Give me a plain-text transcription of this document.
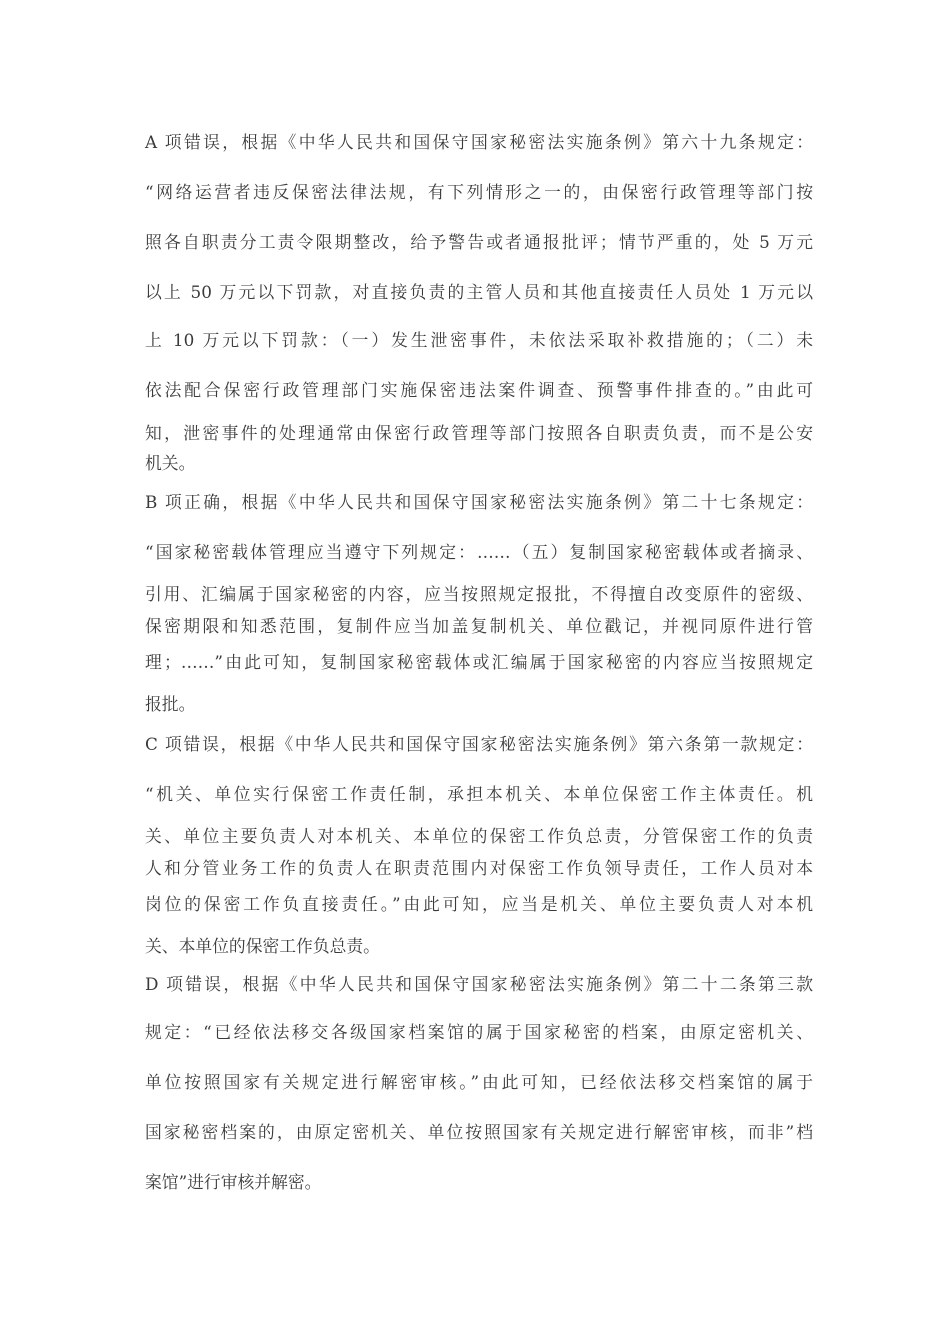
A 项错误，根据《中华人民共和国保守国家秘密法实施条例》第六十九条规定：
“网络运营者违反保密法律法规，有下列情形之一的，由保密行政管理等部门按
照各自职责分工责令限期整改，给予警告或者通报批评；情节严重的，处 5 万元
以上 50 万元以下罚款，对直接负责的主管人员和其他直接责任人员处 1 万元以
上 10 万元以下罚款：（一）发生泄密事件，未依法采取补救措施的；（二）未
依法配合保密行政管理部门实施保密违法案件调查、预警事件排查的。”由此可
知，泄密事件的处理通常由保密行政管理等部门按照各自职责负责，而不是公安
机关。
B 项正确，根据《中华人民共和国保守国家秘密法实施条例》第二十七条规定：
“国家秘密载体管理应当遵守下列规定：……（五）复制国家秘密载体或者摘录、
引用、汇编属于国家秘密的内容，应当按照规定报批，不得擅自改变原件的密级、
保密期限和知悉范围，复制件应当加盖复制机关、单位戳记，并视同原件进行管
理；……”由此可知，复制国家秘密载体或汇编属于国家秘密的内容应当按照规定
报批。
C 项错误，根据《中华人民共和国保守国家秘密法实施条例》第六条第一款规定：
“机关、单位实行保密工作责任制，承担本机关、本单位保密工作主体责任。机
关、单位主要负责人对本机关、本单位的保密工作负总责，分管保密工作的负责
人和分管业务工作的负责人在职责范围内对保密工作负领导责任，工作人员对本
岗位的保密工作负直接责任。”由此可知，应当是机关、单位主要负责人对本机
关、本单位的保密工作负总责。
D 项错误，根据《中华人民共和国保守国家秘密法实施条例》第二十二条第三款
规定：“已经依法移交各级国家档案馆的属于国家秘密的档案，由原定密机关、
单位按照国家有关规定进行解密审核。”由此可知，已经依法移交档案馆的属于
国家秘密档案的，由原定密机关、单位按照国家有关规定进行解密审核，而非”档
案馆”进行审核并解密。
